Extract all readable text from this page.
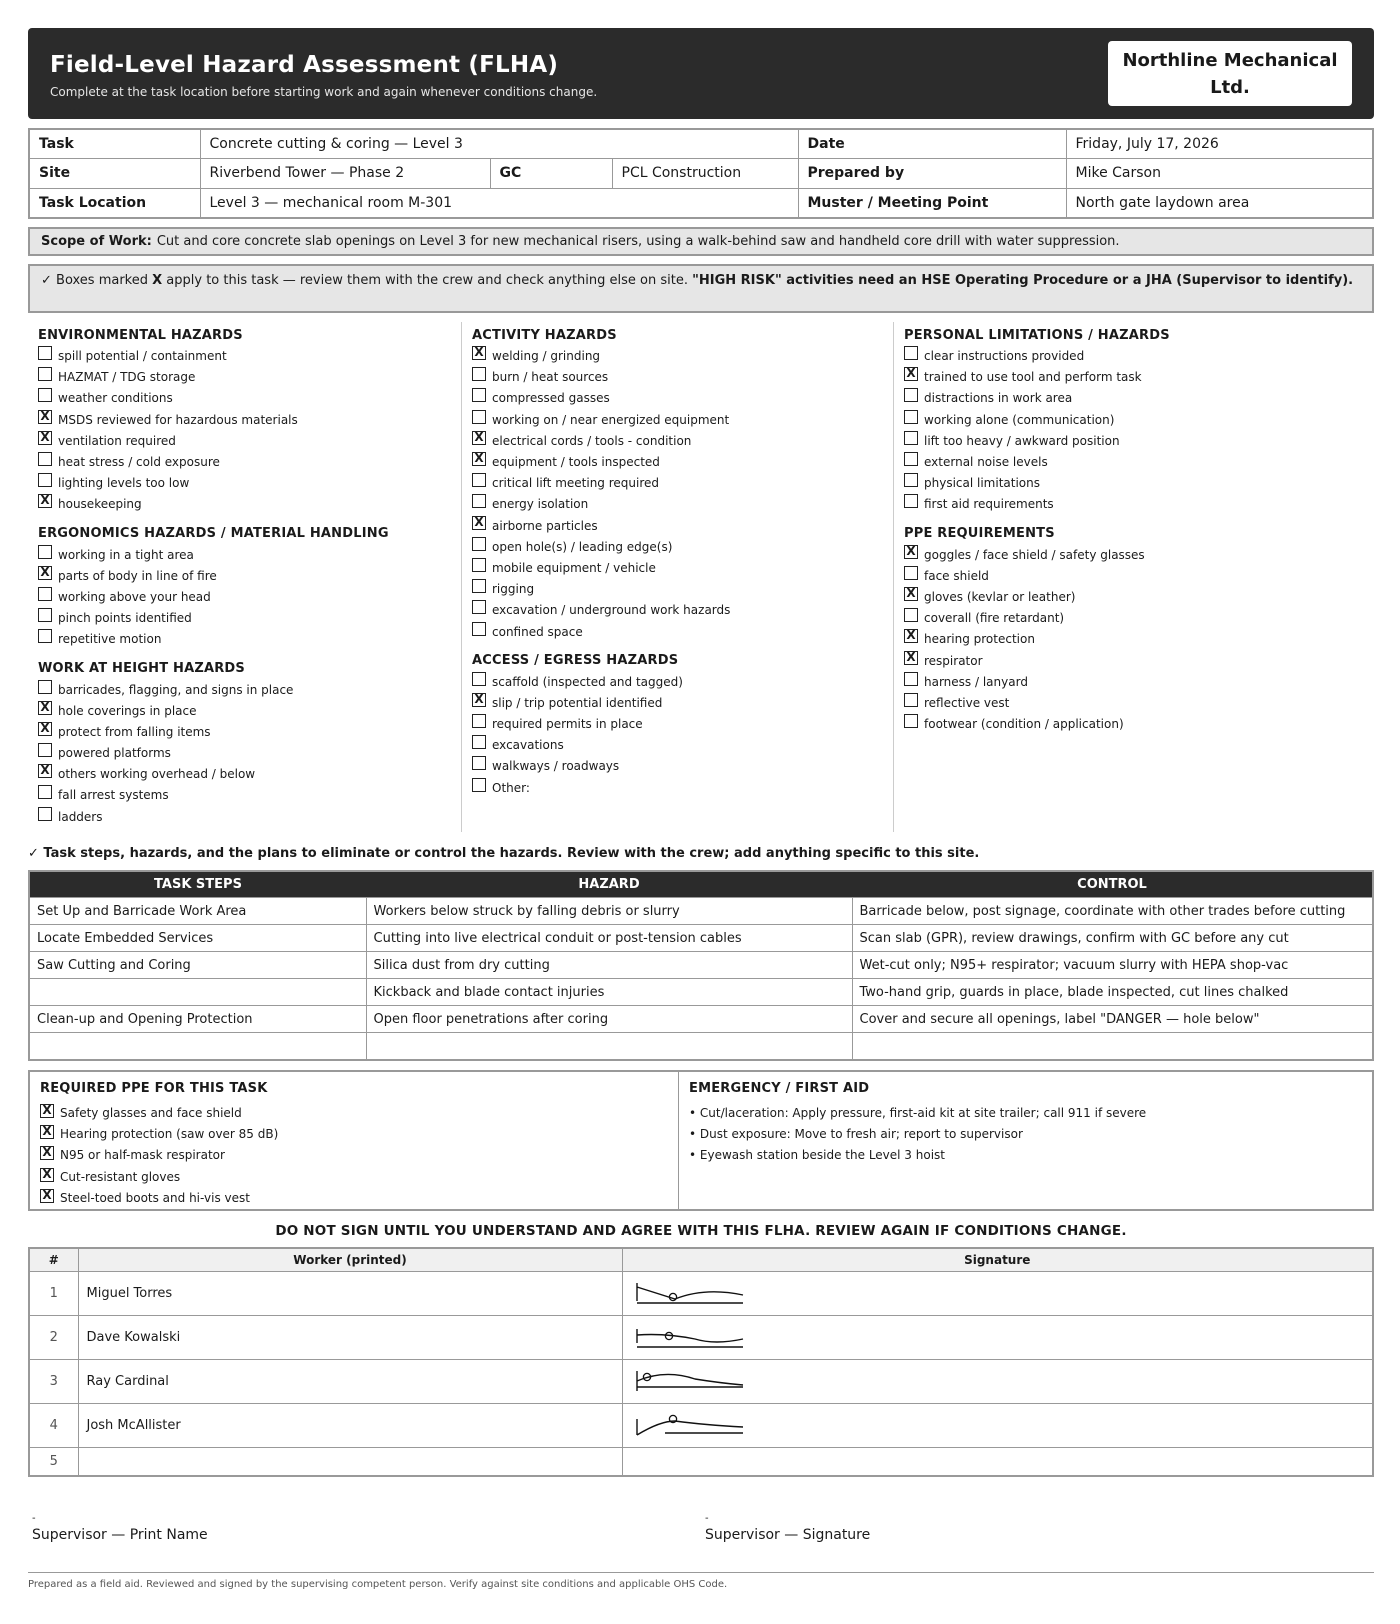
Field-Level Hazard Assessment (FLHA)
Complete at the task location before starting work and again whenever conditions change.
Northline Mechanical Ltd.
Task	Concrete cutting & coring — Level 3			Date	Friday, July 17, 2026
Site	Riverbend Tower — Phase 2	GC	PCL Construction	Prepared by	Mike Carson
Task Location	Level 3 — mechanical room M-301			Muster / Meeting Point	North gate laydown area
Scope of Work: Cut and core concrete slab openings on Level 3 for new mechanical risers, using a walk-behind saw and handheld core drill with water suppression.
✓ Boxes marked X apply to this task — review them with the crew and check anything else on site. "HIGH RISK" activities need an HSE Operating Procedure or a JHA (Supervisor to identify).
ENVIRONMENTAL HAZARDS
spill potential / containment
HAZMAT / TDG storage
weather conditions
X MSDS reviewed for hazardous materials
X ventilation required
heat stress / cold exposure
lighting levels too low
X housekeeping
ERGONOMICS HAZARDS / MATERIAL HANDLING
working in a tight area
X parts of body in line of fire
working above your head
pinch points identified
repetitive motion
WORK AT HEIGHT HAZARDS
barricades, flagging, and signs in place
X hole coverings in place
X protect from falling items
powered platforms
X others working overhead / below
fall arrest systems
ladders
ACTIVITY HAZARDS
X welding / grinding
burn / heat sources
compressed gasses
working on / near energized equipment
X electrical cords / tools - condition
X equipment / tools inspected
critical lift meeting required
energy isolation
X airborne particles
open hole(s) / leading edge(s)
mobile equipment / vehicle
rigging
excavation / underground work hazards
confined space
ACCESS / EGRESS HAZARDS
scaffold (inspected and tagged)
X slip / trip potential identified
required permits in place
excavations
walkways / roadways
Other:
PERSONAL LIMITATIONS / HAZARDS
clear instructions provided
X trained to use tool and perform task
distractions in work area
working alone (communication)
lift too heavy / awkward position
external noise levels
physical limitations
first aid requirements
PPE REQUIREMENTS
X goggles / face shield / safety glasses
face shield
X gloves (kevlar or leather)
coverall (fire retardant)
X hearing protection
X respirator
harness / lanyard
reflective vest
footwear (condition / application)
✓ Task steps, hazards, and the plans to eliminate or control the hazards. Review with the crew; add anything specific to this site.
TASK STEPS	HAZARD	CONTROL
Set Up and Barricade Work Area	Workers below struck by falling debris or slurry	Barricade below, post signage, coordinate with other trades before cutting
Locate Embedded Services	Cutting into live electrical conduit or post-tension cables	Scan slab (GPR), review drawings, confirm with GC before any cut
Saw Cutting and Coring	Silica dust from dry cutting	Wet-cut only; N95+ respirator; vacuum slurry with HEPA shop-vac
	Kickback and blade contact injuries	Two-hand grip, guards in place, blade inspected, cut lines chalked
Clean-up and Opening Protection	Open floor penetrations after coring	Cover and secure all openings, label "DANGER — hole below"

REQUIRED PPE FOR THIS TASK
X Safety glasses and face shield
X Hearing protection (saw over 85 dB)
X N95 or half-mask respirator
X Cut-resistant gloves
X Steel-toed boots and hi-vis vest
EMERGENCY / FIRST AID
• Cut/laceration: Apply pressure, first-aid kit at site trailer; call 911 if severe
• Dust exposure: Move to fresh air; report to supervisor
• Eyewash station beside the Level 3 hoist
DO NOT SIGN UNTIL YOU UNDERSTAND AND AGREE WITH THIS FLHA. REVIEW AGAIN IF CONDITIONS CHANGE.
#	Worker (printed)	Signature
1	Miguel Torres	

2	Dave Kowalski	

3	Ray Cardinal	

4	Josh McAllister	

5		
-
Supervisor — Print Name
-
Supervisor — Signature
Prepared as a field aid. Reviewed and signed by the supervising competent person. Verify against site conditions and applicable OHS Code.
